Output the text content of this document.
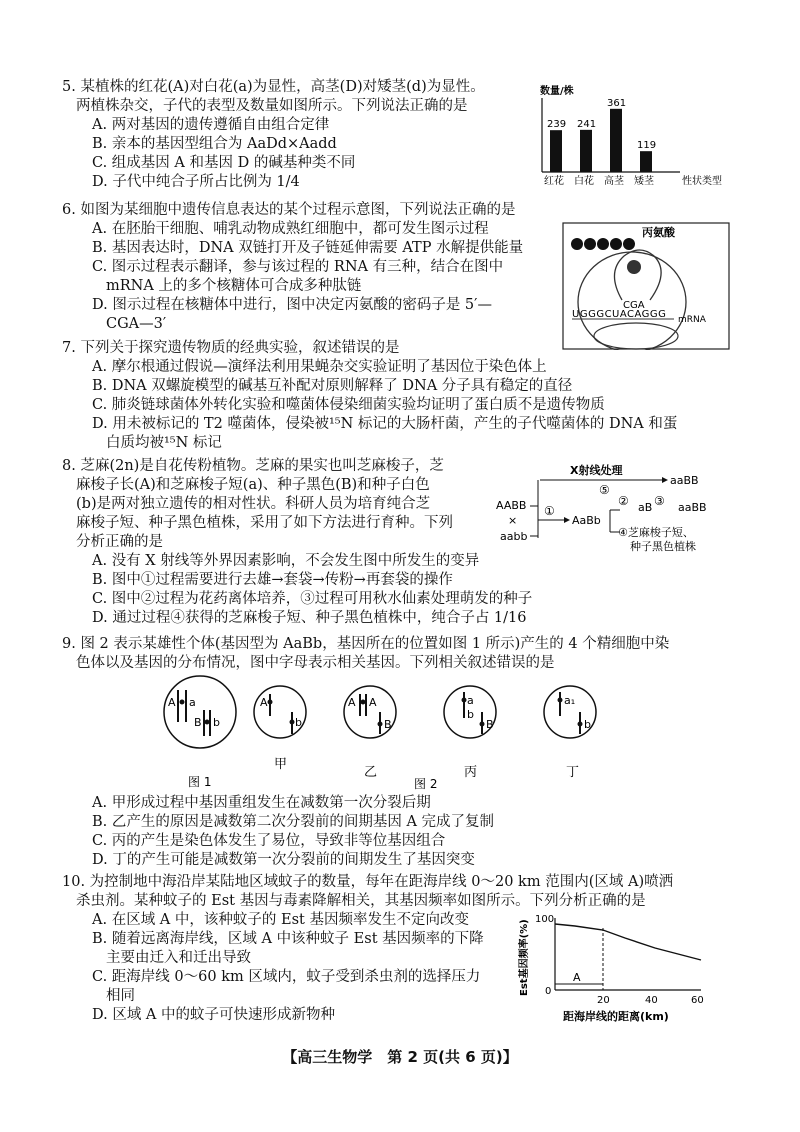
5. 某植株的红花(A)对白花(a)为显性，高茎(D)对矮茎(d)为显性。
两植株杂交，子代的表型及数量如图所示。下列说法正确的是
A. 两对基因的遗传遵循自由组合定律
B. 亲本的基因型组合为 AaDd×Aadd
C. 组成基因 A 和基因 D 的碱基种类不同
D. 子代中纯合子所占比例为 1/4
数量/株
性状类型
239
红花
241
白花
361
高茎
119
矮茎
6. 如图为某细胞中遗传信息表达的某个过程示意图，下列说法正确的是
A. 在胚胎干细胞、哺乳动物成熟红细胞中，都可发生图示过程
B. 基因表达时，DNA 双链打开及子链延伸需要 ATP 水解提供能量
C. 图示过程表示翻译，参与该过程的 RNA 有三种，结合在图中
mRNA 上的多个核糖体可合成多种肽链
D. 图示过程在核糖体中进行，图中决定丙氨酸的密码子是 5′—
CGA—3′
丙氨酸
CGA
UGGGCUACAGGG mRNA
7. 下列关于探究遗传物质的经典实验，叙述错误的是
A. 摩尔根通过假说—演绎法利用果蝇杂交实验证明了基因位于染色体上
B. DNA 双螺旋模型的碱基互补配对原则解释了 DNA 分子具有稳定的直径
C. 肺炎链球菌体外转化实验和噬菌体侵染细菌实验均证明了蛋白质不是遗传物质
D. 用未被标记的 T2 噬菌体，侵染被¹⁵N 标记的大肠杆菌，产生的子代噬菌体的 DNA 和蛋
白质均被¹⁵N 标记
8. 芝麻(2n)是自花传粉植物。芝麻的果实也叫芝麻梭子，芝
麻梭子长(A)和芝麻梭子短(a)、种子黑色(B)和种子白色
(b)是两对独立遗传的相对性状。科研人员为培育纯合芝
麻梭子短、种子黑色植株，采用了如下方法进行育种。下列
分析正确的是
A. 没有 X 射线等外界因素影响，不会发生图中所发生的变异
B. 图中①过程需要进行去雄→套袋→传粉→再套袋的操作
C. 图中②过程为花药离体培养，③过程可用秋水仙素处理萌发的种子
D. 通过过程④获得的芝麻梭子短、种子黑色植株中，纯合子占 1/16
X射线处理
aaBB
⑤
AABB
×
aabb
①
AaBb
② aB ③ aaBB
④芝麻梭子短、
种子黑色植株
9. 图 2 表示某雄性个体(基因型为 AaBb，基因所在的位置如图 1 所示)产生的 4 个精细胞中染
色体以及基因的分布情况，图中字母表示相关基因。下列相关叙述错误的是
A a
B b
A
b
A A
B
a
b
B
a₁
b
图 1
甲
乙
图 2
丙	丁
A. 甲形成过程中基因重组发生在减数第一次分裂后期
B. 乙产生的原因是减数第二次分裂前的间期基因 A 完成了复制
C. 丙的产生是染色体发生了易位，导致非等位基因组合
D. 丁的产生可能是减数第一次分裂前的间期发生了基因突变
10. 为控制地中海沿岸某陆地区域蚊子的数量，每年在距海岸线 0～20 km 范围内(区域 A)喷洒
杀虫剂。某种蚊子的 Est 基因与毒素降解相关，其基因频率如图所示。下列分析正确的是
A. 在区域 A 中，该种蚊子的 Est 基因频率发生不定向改变
B. 随着远离海岸线，区域 A 中该种蚊子 Est 基因频率的下降
主要由迁入和迁出导致
C. 距海岸线 0～60 km 区域内，蚊子受到杀虫剂的选择压力
相同
D. 区域 A 中的蚊子可快速形成新物种
Est基因频率(%) 100
0
20	40	60
A
距海岸线的距离(km)
【高三生物学　第 2 页(共 6 页)】
